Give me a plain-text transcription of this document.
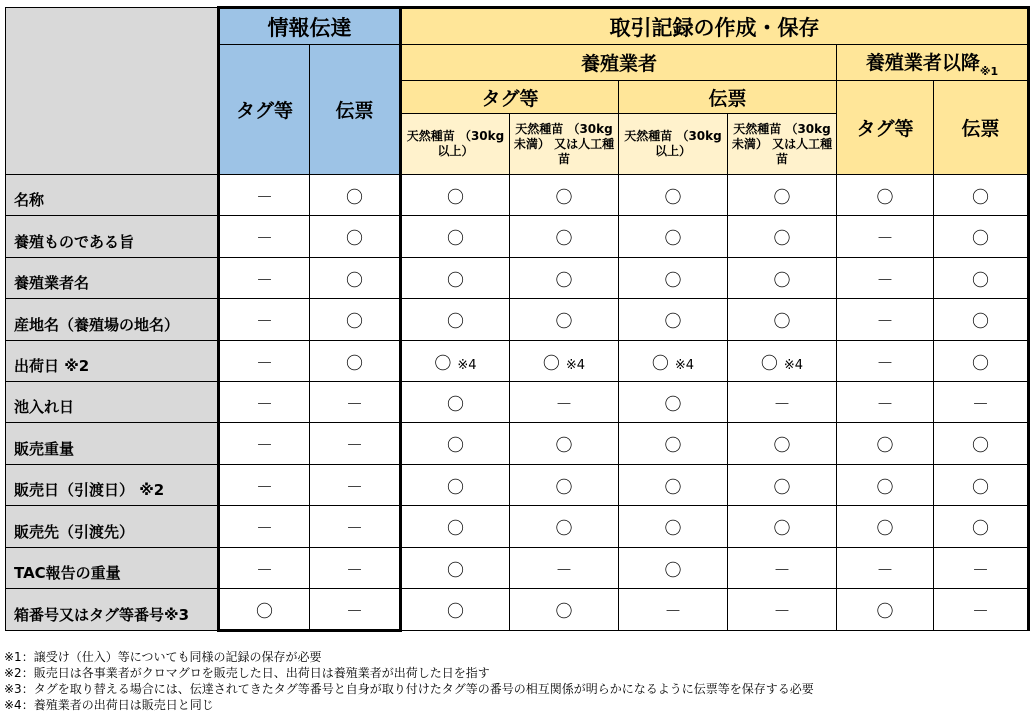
	情報伝達		取引記録の作成・保存					
	タグ等	伝票	養殖業者				養殖業者以降$_{※1}$
			タグ等		伝票		タグ等	伝票
			天然種苗 （30kg以上）	天然種苗 （30kg未満） 又は人工種苗	天然種苗 （30kg以上）	天然種苗 （30kg未満） 又は人工種苗		
名称	－	〇	〇	〇	〇	〇	〇	〇
養殖ものである旨	－	〇	〇	〇	〇	〇	－	〇
養殖業者名	－	〇	〇	〇	〇	〇	－	〇
産地名（養殖場の地名）	－	〇	〇	〇	〇	〇	－	〇
出荷日 ※2	－	〇	〇 ※4	〇 ※4	〇 ※4	〇 ※4	－	〇
池入れ日	－	－	〇	－	〇	－	－	－
販売重量	－	－	〇	〇	〇	〇	〇	〇
販売日（引渡日） ※2	－	－	〇	〇	〇	〇	〇	〇
販売先（引渡先）	－	－	〇	〇	〇	〇	〇	〇
TAC報告の重量	－	－	〇	－	〇	－	－	－
箱番号又はタグ等番号※3	〇	－	〇	〇	－	－	〇	－
※1：譲受け（仕入）等についても同様の記録の保存が必要
※2：販売日は各事業者がクロマグロを販売した日、出荷日は養殖業者が出荷した日を指す
※3：タグを取り替える場合には、伝達されてきたタグ等番号と自身が取り付けたタグ等の番号の相互関係が明らかになるように伝票等を保存する必要
※4：養殖業者の出荷日は販売日と同じ
